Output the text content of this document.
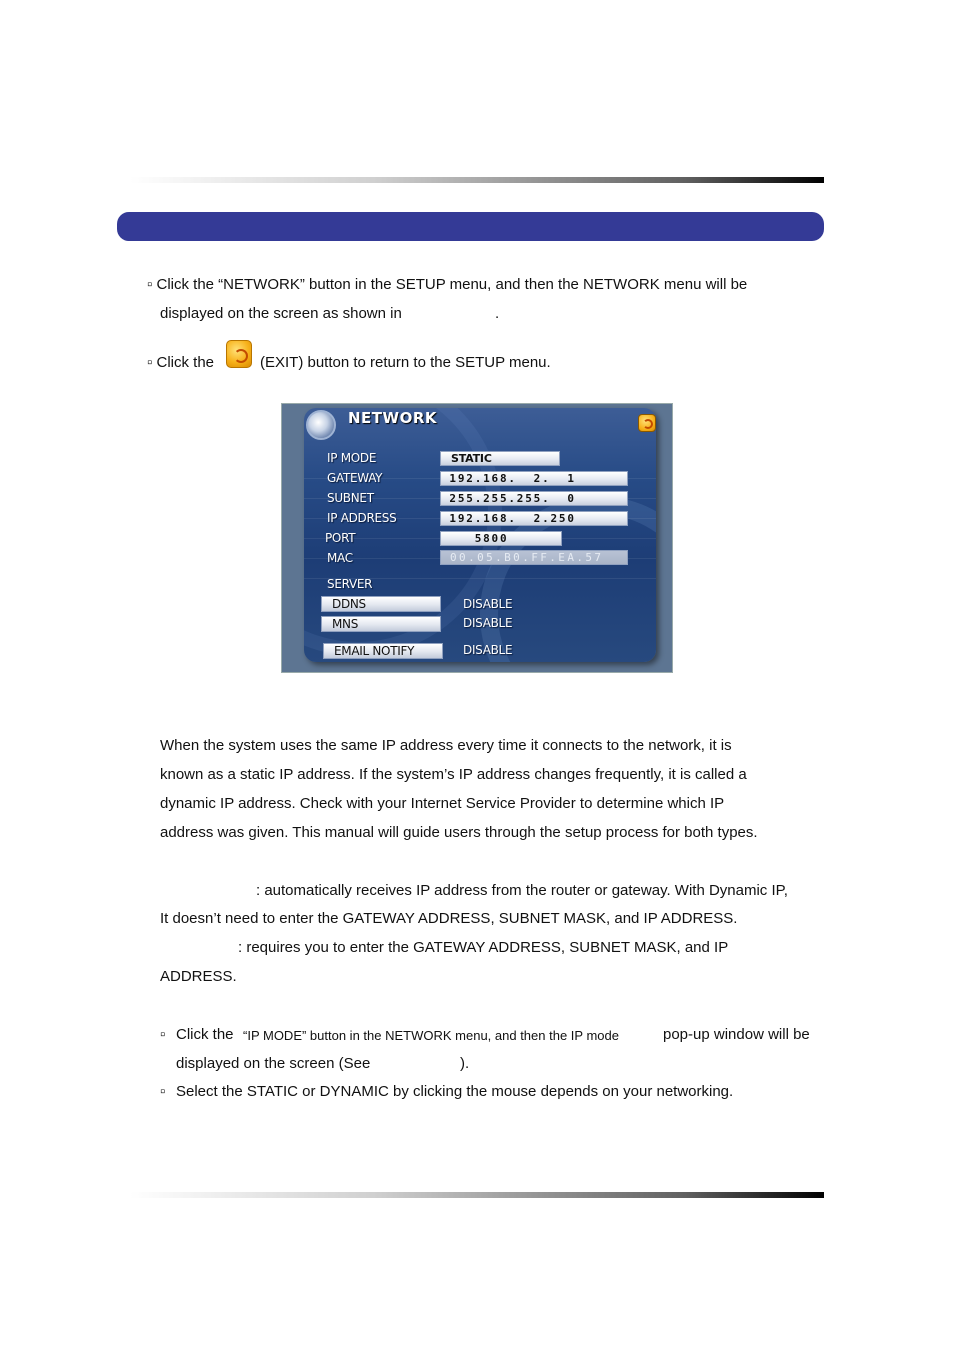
▫ Click the “NETWORK” button in the SETUP menu, and then the NETWORK menu will be
displayed on the screen as shown in	.
▫ Click the	(EXIT) button to return to the SETUP menu.
NETWORK
IP MODE	STATIC
GATEWAY	192.168.  2.  1
SUBNET	255.255.255.  0
IP ADDRESS	192.168.  2.250
PORT	5800
MAC	00.05.B0.FF.EA.57
SERVER
DDNS	DISABLE
MNS	DISABLE
EMAIL NOTIFY	DISABLE
When the system uses the same IP address every time it connects to the network, it is
known as a static IP address. If the system’s IP address changes frequently, it is called a
dynamic IP address. Check with your Internet Service Provider to determine which IP
address was given. This manual will guide users through the setup process for both types.
: automatically receives IP address from the router or gateway. With Dynamic IP,
It doesn’t need to enter the GATEWAY ADDRESS, SUBNET MASK, and IP ADDRESS.
: requires you to enter the GATEWAY ADDRESS, SUBNET MASK, and IP
ADDRESS.
▫ Click the “IP MODE” button in the NETWORK menu, and then the IP mode	pop-up window will be
displayed on the screen (See	).
▫ Select the STATIC or DYNAMIC by clicking the mouse depends on your networking.
